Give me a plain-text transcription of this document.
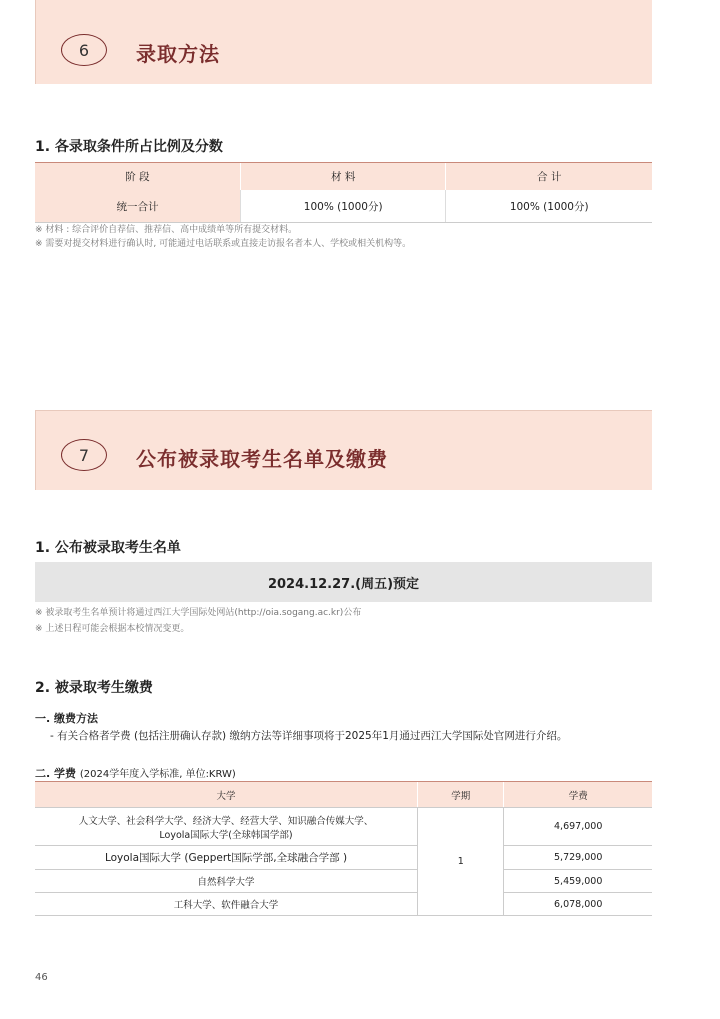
6	录取方法
1. 各录取条件所占比例及分数
阶 段	材 料	合 计
统一合计	100% (1000分)	100% (1000分)
※ 材料 : 综合评价自荐信、推荐信、高中成绩单等所有提交材料。
※ 需要对提交材料进行确认时, 可能通过电话联系或直接走访报名者本人、学校或相关机构等。
7	公布被录取考生名单及缴费
1. 公布被录取考生名单
2024.12.27.(周五)预定
※ 被录取考生名单预计将通过西江大学国际处网站(http://oia.sogang.ac.kr)公布
※ 上述日程可能会根据本校情况变更。
2. 被录取考生缴费
一. 缴费方法
- 有关合格者学费 (包括注册确认存款) 缴纳方法等详细事项将于2025年1月通过西江大学国际处官网进行介绍。
二. 学费 (2024学年度入学标准, 单位:KRW)
大学	学期	学费

人文大学、社会科学大学、经济大学、经营大学、知识融合传媒大学、
Loyola国际大学(全球韩国学部)	1	4,697,000
Loyola国际大学 (Geppert国际学部,全球融合学部 )		5,729,000
自然科学大学		5,459,000
工科大学、软件融合大学		6,078,000
46
